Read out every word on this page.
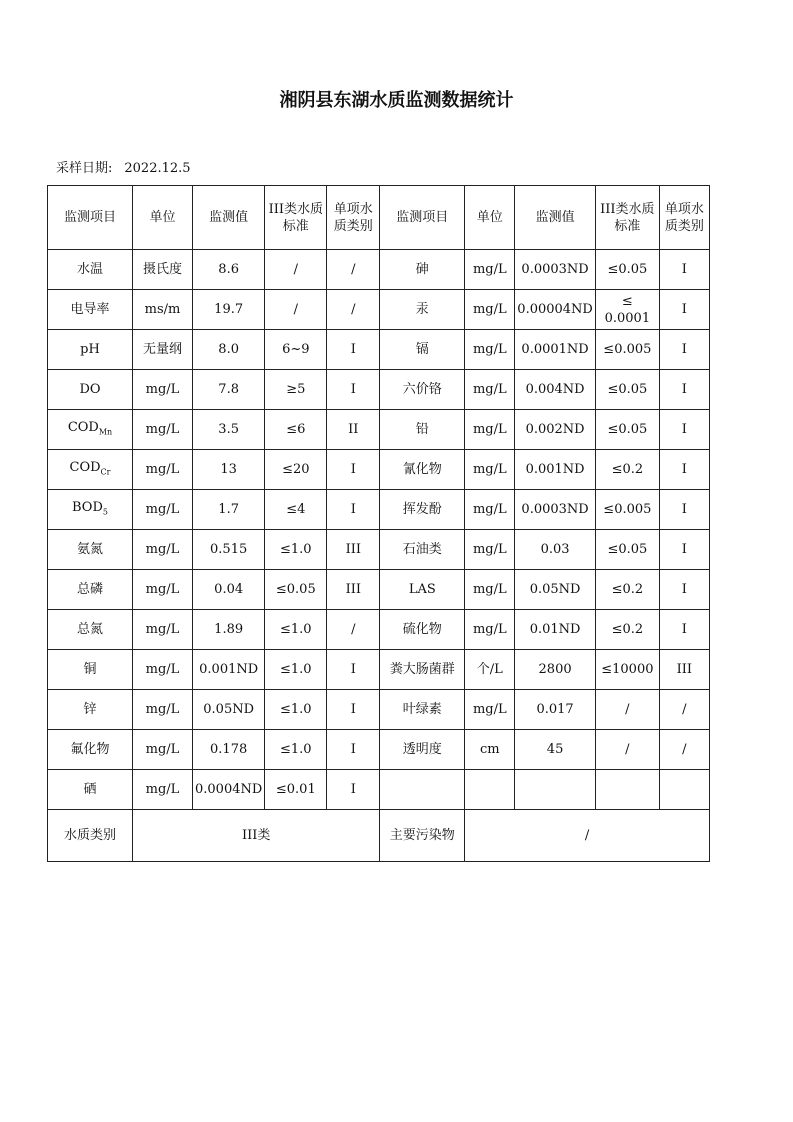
湘阴县东湖水质监测数据统计
采样日期: 2022.12.5
监测项目	单位	监测值	III类水质标准	单项水质类别	监测项目	单位	监测值	III类水质标准	单项水质类别
水温	摄氏度	8.6	/	/	砷	mg/L	0.0003ND	≤0.05	I
电导率	ms/m	19.7	/	/	汞	mg/L	0.00004ND	≤ 0.0001	I
pH	无量纲	8.0	6~9	I	镉	mg/L	0.0001ND	≤0.005	I
DO	mg/L	7.8	≥5	I	六价铬	mg/L	0.004ND	≤0.05	I
$COD_{Mn}$	mg/L	3.5	≤6	II	铅	mg/L	0.002ND	≤0.05	I
$COD_{Cr}$	mg/L	13	≤20	I	氰化物	mg/L	0.001ND	≤0.2	I
$BOD_5$	mg/L	1.7	≤4	I	挥发酚	mg/L	0.0003ND	≤0.005	I
氨氮	mg/L	0.515	≤1.0	III	石油类	mg/L	0.03	≤0.05	I
总磷	mg/L	0.04	≤0.05	III	LAS	mg/L	0.05ND	≤0.2	I
总氮	mg/L	1.89	≤1.0	/	硫化物	mg/L	0.01ND	≤0.2	I
铜	mg/L	0.001ND	≤1.0	I	粪大肠菌群	个/L	2800	≤10000	III
锌	mg/L	0.05ND	≤1.0	I	叶绿素	mg/L	0.017	/	/
氟化物	mg/L	0.178	≤1.0	I	透明度	cm	45	/	/
硒	mg/L	0.0004ND	≤0.01	I					
水质类别	III类				主要污染物	/			
